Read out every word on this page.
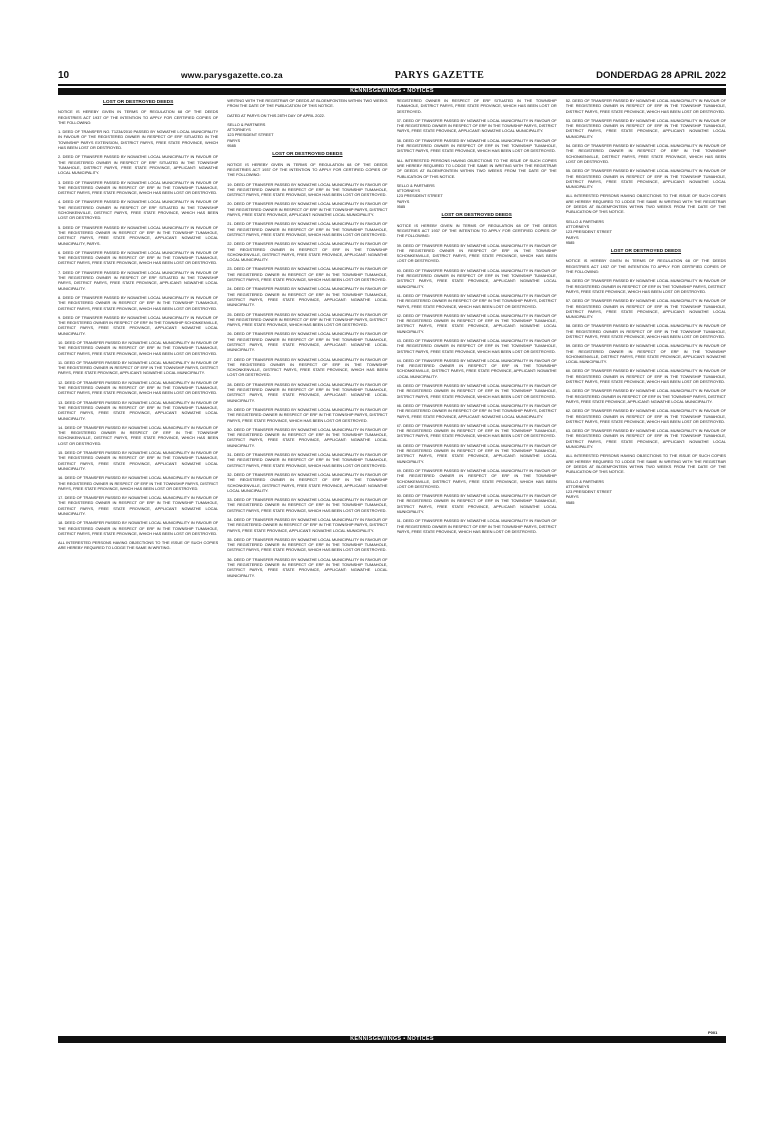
10	www.parysgazette.co.za	PARYS GAZETTE	DONDERDAG 28 APRIL 2022
KENNISGEWINGS • NOTICES
LOST OR DESTROYED DEEDS

NOTICE IS HEREBY GIVEN IN TERMS OF REGULATION 68 OF THE DEEDS REGISTRIES ACT 1937 OF THE INTENTION TO APPLY FOR CERTIFIED COPIES OF THE FOLLOWING:

1. DEED OF TRANSFER NO. T1234/2010 PASSED BY NGWATHE LOCAL MUNICIPALITY IN FAVOUR OF THE REGISTERED OWNER IN RESPECT OF ERF SITUATED IN THE TOWNSHIP PARYS EXTENSION, DISTRICT PARYS, FREE STATE PROVINCE, WHICH HAS BEEN LOST OR DESTROYED.

2. DEED OF TRANSFER PASSED BY NGWATHE LOCAL MUNICIPALITY IN FAVOUR OF THE REGISTERED OWNER IN RESPECT OF ERF SITUATED IN THE TOWNSHIP TUMAHOLE, DISTRICT PARYS, FREE STATE PROVINCE, APPLICANT: NGWATHE LOCAL MUNICIPALITY.

3. DEED OF TRANSFER PASSED BY NGWATHE LOCAL MUNICIPALITY IN FAVOUR OF THE REGISTERED OWNER IN RESPECT OF ERF IN THE TOWNSHIP TUMAHOLE, DISTRICT PARYS, FREE STATE PROVINCE, WHICH HAS BEEN LOST OR DESTROYED.

4. DEED OF TRANSFER PASSED BY NGWATHE LOCAL MUNICIPALITY IN FAVOUR OF THE REGISTERED OWNER IN RESPECT OF ERF SITUATED IN THE TOWNSHIP SCHONKENVILLE, DISTRICT PARYS, FREE STATE PROVINCE, WHICH HAS BEEN LOST OR DESTROYED.

5. DEED OF TRANSFER PASSED BY NGWATHE LOCAL MUNICIPALITY IN FAVOUR OF THE REGISTERED OWNER IN RESPECT OF ERF IN THE TOWNSHIP TUMAHOLE, DISTRICT PARYS, FREE STATE PROVINCE, APPLICANT: NGWATHE LOCAL MUNICIPALITY, PARYS.

6. DEED OF TRANSFER PASSED BY NGWATHE LOCAL MUNICIPALITY IN FAVOUR OF THE REGISTERED OWNER IN RESPECT OF ERF IN THE TOWNSHIP TUMAHOLE, DISTRICT PARYS, FREE STATE PROVINCE, WHICH HAS BEEN LOST OR DESTROYED.

7. DEED OF TRANSFER PASSED BY NGWATHE LOCAL MUNICIPALITY IN FAVOUR OF THE REGISTERED OWNER IN RESPECT OF ERF SITUATED IN THE TOWNSHIP PARYS, DISTRICT PARYS, FREE STATE PROVINCE, APPLICANT: NGWATHE LOCAL MUNICIPALITY.

8. DEED OF TRANSFER PASSED BY NGWATHE LOCAL MUNICIPALITY IN FAVOUR OF THE REGISTERED OWNER IN RESPECT OF ERF IN THE TOWNSHIP TUMAHOLE, DISTRICT PARYS, FREE STATE PROVINCE, WHICH HAS BEEN LOST OR DESTROYED.

9. DEED OF TRANSFER PASSED BY NGWATHE LOCAL MUNICIPALITY IN FAVOUR OF THE REGISTERED OWNER IN RESPECT OF ERF IN THE TOWNSHIP SCHONKENVILLE, DISTRICT PARYS, FREE STATE PROVINCE, APPLICANT: NGWATHE LOCAL MUNICIPALITY.

10. DEED OF TRANSFER PASSED BY NGWATHE LOCAL MUNICIPALITY IN FAVOUR OF THE REGISTERED OWNER IN RESPECT OF ERF IN THE TOWNSHIP TUMAHOLE, DISTRICT PARYS, FREE STATE PROVINCE, WHICH HAS BEEN LOST OR DESTROYED.

11. DEED OF TRANSFER PASSED BY NGWATHE LOCAL MUNICIPALITY IN FAVOUR OF THE REGISTERED OWNER IN RESPECT OF ERF IN THE TOWNSHIP PARYS, DISTRICT PARYS, FREE STATE PROVINCE, APPLICANT: NGWATHE LOCAL MUNICIPALITY.

12. DEED OF TRANSFER PASSED BY NGWATHE LOCAL MUNICIPALITY IN FAVOUR OF THE REGISTERED OWNER IN RESPECT OF ERF IN THE TOWNSHIP TUMAHOLE, DISTRICT PARYS, FREE STATE PROVINCE, WHICH HAS BEEN LOST OR DESTROYED.

13. DEED OF TRANSFER PASSED BY NGWATHE LOCAL MUNICIPALITY IN FAVOUR OF THE REGISTERED OWNER IN RESPECT OF ERF IN THE TOWNSHIP TUMAHOLE, DISTRICT PARYS, FREE STATE PROVINCE, APPLICANT: NGWATHE LOCAL MUNICIPALITY.

14. DEED OF TRANSFER PASSED BY NGWATHE LOCAL MUNICIPALITY IN FAVOUR OF THE REGISTERED OWNER IN RESPECT OF ERF IN THE TOWNSHIP SCHONKENVILLE, DISTRICT PARYS, FREE STATE PROVINCE, WHICH HAS BEEN LOST OR DESTROYED.

15. DEED OF TRANSFER PASSED BY NGWATHE LOCAL MUNICIPALITY IN FAVOUR OF THE REGISTERED OWNER IN RESPECT OF ERF IN THE TOWNSHIP TUMAHOLE, DISTRICT PARYS, FREE STATE PROVINCE, APPLICANT: NGWATHE LOCAL MUNICIPALITY.

16. DEED OF TRANSFER PASSED BY NGWATHE LOCAL MUNICIPALITY IN FAVOUR OF THE REGISTERED OWNER IN RESPECT OF ERF IN THE TOWNSHIP PARYS, DISTRICT PARYS, FREE STATE PROVINCE, WHICH HAS BEEN LOST OR DESTROYED.

17. DEED OF TRANSFER PASSED BY NGWATHE LOCAL MUNICIPALITY IN FAVOUR OF THE REGISTERED OWNER IN RESPECT OF ERF IN THE TOWNSHIP TUMAHOLE, DISTRICT PARYS, FREE STATE PROVINCE, APPLICANT: NGWATHE LOCAL MUNICIPALITY.

18. DEED OF TRANSFER PASSED BY NGWATHE LOCAL MUNICIPALITY IN FAVOUR OF THE REGISTERED OWNER IN RESPECT OF ERF IN THE TOWNSHIP TUMAHOLE, DISTRICT PARYS, FREE STATE PROVINCE, WHICH HAS BEEN LOST OR DESTROYED.

ALL INTERESTED PERSONS HAVING OBJECTIONS TO THE ISSUE OF SUCH COPIES ARE HEREBY REQUIRED TO LODGE THE SAME IN WRITING.

WRITING WITH THE REGISTRAR OF DEEDS AT BLOEMFONTEIN WITHIN TWO WEEKS FROM THE DATE OF THE PUBLICATION OF THIS NOTICE.

DATED AT PARYS ON THIS 28TH DAY OF APRIL 2022.

SELLO & PARTNERS
ATTORNEYS
123 PRESIDENT STREET
PARYS
9585
LOST OR DESTROYED DEEDS

NOTICE IS HEREBY GIVEN IN TERMS OF REGULATION 68 OF THE DEEDS REGISTRIES ACT 1937 OF THE INTENTION TO APPLY FOR CERTIFIED COPIES OF THE FOLLOWING:

19. DEED OF TRANSFER PASSED BY NGWATHE LOCAL MUNICIPALITY IN FAVOUR OF THE REGISTERED OWNER IN RESPECT OF ERF IN THE TOWNSHIP TUMAHOLE, DISTRICT PARYS, FREE STATE PROVINCE, WHICH HAS BEEN LOST OR DESTROYED.

20. DEED OF TRANSFER PASSED BY NGWATHE LOCAL MUNICIPALITY IN FAVOUR OF THE REGISTERED OWNER IN RESPECT OF ERF IN THE TOWNSHIP PARYS, DISTRICT PARYS, FREE STATE PROVINCE, APPLICANT: NGWATHE LOCAL MUNICIPALITY.

21. DEED OF TRANSFER PASSED BY NGWATHE LOCAL MUNICIPALITY IN FAVOUR OF THE REGISTERED OWNER IN RESPECT OF ERF IN THE TOWNSHIP TUMAHOLE, DISTRICT PARYS, FREE STATE PROVINCE, WHICH HAS BEEN LOST OR DESTROYED.

22. DEED OF TRANSFER PASSED BY NGWATHE LOCAL MUNICIPALITY IN FAVOUR OF THE REGISTERED OWNER IN RESPECT OF ERF IN THE TOWNSHIP SCHONKENVILLE, DISTRICT PARYS, FREE STATE PROVINCE, APPLICANT: NGWATHE LOCAL MUNICIPALITY.

23. DEED OF TRANSFER PASSED BY NGWATHE LOCAL MUNICIPALITY IN FAVOUR OF THE REGISTERED OWNER IN RESPECT OF ERF IN THE TOWNSHIP TUMAHOLE, DISTRICT PARYS, FREE STATE PROVINCE, WHICH HAS BEEN LOST OR DESTROYED.

24. DEED OF TRANSFER PASSED BY NGWATHE LOCAL MUNICIPALITY IN FAVOUR OF THE REGISTERED OWNER IN RESPECT OF ERF IN THE TOWNSHIP TUMAHOLE, DISTRICT PARYS, FREE STATE PROVINCE, APPLICANT: NGWATHE LOCAL MUNICIPALITY.

25. DEED OF TRANSFER PASSED BY NGWATHE LOCAL MUNICIPALITY IN FAVOUR OF THE REGISTERED OWNER IN RESPECT OF ERF IN THE TOWNSHIP PARYS, DISTRICT PARYS, FREE STATE PROVINCE, WHICH HAS BEEN LOST OR DESTROYED.

26. DEED OF TRANSFER PASSED BY NGWATHE LOCAL MUNICIPALITY IN FAVOUR OF THE REGISTERED OWNER IN RESPECT OF ERF IN THE TOWNSHIP TUMAHOLE, DISTRICT PARYS, FREE STATE PROVINCE, APPLICANT: NGWATHE LOCAL MUNICIPALITY.

27. DEED OF TRANSFER PASSED BY NGWATHE LOCAL MUNICIPALITY IN FAVOUR OF THE REGISTERED OWNER IN RESPECT OF ERF IN THE TOWNSHIP SCHONKENVILLE, DISTRICT PARYS, FREE STATE PROVINCE, WHICH HAS BEEN LOST OR DESTROYED.

28. DEED OF TRANSFER PASSED BY NGWATHE LOCAL MUNICIPALITY IN FAVOUR OF THE REGISTERED OWNER IN RESPECT OF ERF IN THE TOWNSHIP TUMAHOLE, DISTRICT PARYS, FREE STATE PROVINCE, APPLICANT: NGWATHE LOCAL MUNICIPALITY.

29. DEED OF TRANSFER PASSED BY NGWATHE LOCAL MUNICIPALITY IN FAVOUR OF THE REGISTERED OWNER IN RESPECT OF ERF IN THE TOWNSHIP PARYS, DISTRICT PARYS, FREE STATE PROVINCE, WHICH HAS BEEN LOST OR DESTROYED.

30. DEED OF TRANSFER PASSED BY NGWATHE LOCAL MUNICIPALITY IN FAVOUR OF THE REGISTERED OWNER IN RESPECT OF ERF IN THE TOWNSHIP TUMAHOLE, DISTRICT PARYS, FREE STATE PROVINCE, APPLICANT: NGWATHE LOCAL MUNICIPALITY.

31. DEED OF TRANSFER PASSED BY NGWATHE LOCAL MUNICIPALITY IN FAVOUR OF THE REGISTERED OWNER IN RESPECT OF ERF IN THE TOWNSHIP TUMAHOLE, DISTRICT PARYS, FREE STATE PROVINCE, WHICH HAS BEEN LOST OR DESTROYED.

32. DEED OF TRANSFER PASSED BY NGWATHE LOCAL MUNICIPALITY IN FAVOUR OF THE REGISTERED OWNER IN RESPECT OF ERF IN THE TOWNSHIP SCHONKENVILLE, DISTRICT PARYS, FREE STATE PROVINCE, APPLICANT: NGWATHE LOCAL MUNICIPALITY.

33. DEED OF TRANSFER PASSED BY NGWATHE LOCAL MUNICIPALITY IN FAVOUR OF THE REGISTERED OWNER IN RESPECT OF ERF IN THE TOWNSHIP TUMAHOLE, DISTRICT PARYS, FREE STATE PROVINCE, WHICH HAS BEEN LOST OR DESTROYED.

34. DEED OF TRANSFER PASSED BY NGWATHE LOCAL MUNICIPALITY IN FAVOUR OF THE REGISTERED OWNER IN RESPECT OF ERF IN THE TOWNSHIP PARYS, DISTRICT PARYS, FREE STATE PROVINCE, APPLICANT: NGWATHE LOCAL MUNICIPALITY.

35. DEED OF TRANSFER PASSED BY NGWATHE LOCAL MUNICIPALITY IN FAVOUR OF THE REGISTERED OWNER IN RESPECT OF ERF IN THE TOWNSHIP TUMAHOLE, DISTRICT PARYS, FREE STATE PROVINCE, WHICH HAS BEEN LOST OR DESTROYED.

36. DEED OF TRANSFER PASSED BY NGWATHE LOCAL MUNICIPALITY IN FAVOUR OF THE REGISTERED OWNER IN RESPECT OF ERF IN THE TOWNSHIP TUMAHOLE, DISTRICT PARYS, FREE STATE PROVINCE, APPLICANT: NGWATHE LOCAL MUNICIPALITY.

REGISTERED OWNER IN RESPECT OF ERF SITUATED IN THE TOWNSHIP TUMAHOLE, DISTRICT PARYS, FREE STATE PROVINCE, WHICH HAS BEEN LOST OR DESTROYED.

37. DEED OF TRANSFER PASSED BY NGWATHE LOCAL MUNICIPALITY IN FAVOUR OF THE REGISTERED OWNER IN RESPECT OF ERF IN THE TOWNSHIP PARYS, DISTRICT PARYS, FREE STATE PROVINCE, APPLICANT: NGWATHE LOCAL MUNICIPALITY.

38. DEED OF TRANSFER PASSED BY NGWATHE LOCAL MUNICIPALITY IN FAVOUR OF THE REGISTERED OWNER IN RESPECT OF ERF IN THE TOWNSHIP TUMAHOLE, DISTRICT PARYS, FREE STATE PROVINCE, WHICH HAS BEEN LOST OR DESTROYED.

ALL INTERESTED PERSONS HAVING OBJECTIONS TO THE ISSUE OF SUCH COPIES ARE HEREBY REQUIRED TO LODGE THE SAME IN WRITING WITH THE REGISTRAR OF DEEDS AT BLOEMFONTEIN WITHIN TWO WEEKS FROM THE DATE OF THE PUBLICATION OF THIS NOTICE.

SELLO & PARTNERS
ATTORNEYS
123 PRESIDENT STREET
PARYS
9585
LOST OR DESTROYED DEEDS

NOTICE IS HEREBY GIVEN IN TERMS OF REGULATION 68 OF THE DEEDS REGISTRIES ACT 1937 OF THE INTENTION TO APPLY FOR CERTIFIED COPIES OF THE FOLLOWING:

39. DEED OF TRANSFER PASSED BY NGWATHE LOCAL MUNICIPALITY IN FAVOUR OF THE REGISTERED OWNER IN RESPECT OF ERF IN THE TOWNSHIP SCHONKENVILLE, DISTRICT PARYS, FREE STATE PROVINCE, WHICH HAS BEEN LOST OR DESTROYED.

40. DEED OF TRANSFER PASSED BY NGWATHE LOCAL MUNICIPALITY IN FAVOUR OF THE REGISTERED OWNER IN RESPECT OF ERF IN THE TOWNSHIP TUMAHOLE, DISTRICT PARYS, FREE STATE PROVINCE, APPLICANT: NGWATHE LOCAL MUNICIPALITY.

41. DEED OF TRANSFER PASSED BY NGWATHE LOCAL MUNICIPALITY IN FAVOUR OF THE REGISTERED OWNER IN RESPECT OF ERF IN THE TOWNSHIP PARYS, DISTRICT PARYS, FREE STATE PROVINCE, WHICH HAS BEEN LOST OR DESTROYED.

42. DEED OF TRANSFER PASSED BY NGWATHE LOCAL MUNICIPALITY IN FAVOUR OF THE REGISTERED OWNER IN RESPECT OF ERF IN THE TOWNSHIP TUMAHOLE, DISTRICT PARYS, FREE STATE PROVINCE, APPLICANT: NGWATHE LOCAL MUNICIPALITY.

43. DEED OF TRANSFER PASSED BY NGWATHE LOCAL MUNICIPALITY IN FAVOUR OF THE REGISTERED OWNER IN RESPECT OF ERF IN THE TOWNSHIP TUMAHOLE, DISTRICT PARYS, FREE STATE PROVINCE, WHICH HAS BEEN LOST OR DESTROYED.

44. DEED OF TRANSFER PASSED BY NGWATHE LOCAL MUNICIPALITY IN FAVOUR OF THE REGISTERED OWNER IN RESPECT OF ERF IN THE TOWNSHIP SCHONKENVILLE, DISTRICT PARYS, FREE STATE PROVINCE, APPLICANT: NGWATHE LOCAL MUNICIPALITY.

45. DEED OF TRANSFER PASSED BY NGWATHE LOCAL MUNICIPALITY IN FAVOUR OF THE REGISTERED OWNER IN RESPECT OF ERF IN THE TOWNSHIP TUMAHOLE, DISTRICT PARYS, FREE STATE PROVINCE, WHICH HAS BEEN LOST OR DESTROYED.

46. DEED OF TRANSFER PASSED BY NGWATHE LOCAL MUNICIPALITY IN FAVOUR OF THE REGISTERED OWNER IN RESPECT OF ERF IN THE TOWNSHIP PARYS, DISTRICT PARYS, FREE STATE PROVINCE, APPLICANT: NGWATHE LOCAL MUNICIPALITY.

47. DEED OF TRANSFER PASSED BY NGWATHE LOCAL MUNICIPALITY IN FAVOUR OF THE REGISTERED OWNER IN RESPECT OF ERF IN THE TOWNSHIP TUMAHOLE, DISTRICT PARYS, FREE STATE PROVINCE, WHICH HAS BEEN LOST OR DESTROYED.

48. DEED OF TRANSFER PASSED BY NGWATHE LOCAL MUNICIPALITY IN FAVOUR OF THE REGISTERED OWNER IN RESPECT OF ERF IN THE TOWNSHIP TUMAHOLE, DISTRICT PARYS, FREE STATE PROVINCE, APPLICANT: NGWATHE LOCAL MUNICIPALITY.

49. DEED OF TRANSFER PASSED BY NGWATHE LOCAL MUNICIPALITY IN FAVOUR OF THE REGISTERED OWNER IN RESPECT OF ERF IN THE TOWNSHIP SCHONKENVILLE, DISTRICT PARYS, FREE STATE PROVINCE, WHICH HAS BEEN LOST OR DESTROYED.

50. DEED OF TRANSFER PASSED BY NGWATHE LOCAL MUNICIPALITY IN FAVOUR OF THE REGISTERED OWNER IN RESPECT OF ERF IN THE TOWNSHIP TUMAHOLE, DISTRICT PARYS, FREE STATE PROVINCE, APPLICANT: NGWATHE LOCAL MUNICIPALITY.

51. DEED OF TRANSFER PASSED BY NGWATHE LOCAL MUNICIPALITY IN FAVOUR OF THE REGISTERED OWNER IN RESPECT OF ERF IN THE TOWNSHIP PARYS, DISTRICT PARYS, FREE STATE PROVINCE, WHICH HAS BEEN LOST OR DESTROYED.

52. DEED OF TRANSFER PASSED BY NGWATHE LOCAL MUNICIPALITY IN FAVOUR OF THE REGISTERED OWNER IN RESPECT OF ERF IN THE TOWNSHIP TUMAHOLE, DISTRICT PARYS, FREE STATE PROVINCE, WHICH HAS BEEN LOST OR DESTROYED.

53. DEED OF TRANSFER PASSED BY NGWATHE LOCAL MUNICIPALITY IN FAVOUR OF THE REGISTERED OWNER IN RESPECT OF ERF IN THE TOWNSHIP TUMAHOLE, DISTRICT PARYS, FREE STATE PROVINCE, APPLICANT: NGWATHE LOCAL MUNICIPALITY.

54. DEED OF TRANSFER PASSED BY NGWATHE LOCAL MUNICIPALITY IN FAVOUR OF THE REGISTERED OWNER IN RESPECT OF ERF IN THE TOWNSHIP SCHONKENVILLE, DISTRICT PARYS, FREE STATE PROVINCE, WHICH HAS BEEN LOST OR DESTROYED.

55. DEED OF TRANSFER PASSED BY NGWATHE LOCAL MUNICIPALITY IN FAVOUR OF THE REGISTERED OWNER IN RESPECT OF ERF IN THE TOWNSHIP TUMAHOLE, DISTRICT PARYS, FREE STATE PROVINCE, APPLICANT: NGWATHE LOCAL MUNICIPALITY.

ALL INTERESTED PERSONS HAVING OBJECTIONS TO THE ISSUE OF SUCH COPIES ARE HEREBY REQUIRED TO LODGE THE SAME IN WRITING WITH THE REGISTRAR OF DEEDS AT BLOEMFONTEIN WITHIN TWO WEEKS FROM THE DATE OF THE PUBLICATION OF THIS NOTICE.

SELLO & PARTNERS
ATTORNEYS
123 PRESIDENT STREET
PARYS
9585
LOST OR DESTROYED DEEDS

NOTICE IS HEREBY GIVEN IN TERMS OF REGULATION 68 OF THE DEEDS REGISTRIES ACT 1937 OF THE INTENTION TO APPLY FOR CERTIFIED COPIES OF THE FOLLOWING:

56. DEED OF TRANSFER PASSED BY NGWATHE LOCAL MUNICIPALITY IN FAVOUR OF THE REGISTERED OWNER IN RESPECT OF ERF IN THE TOWNSHIP PARYS, DISTRICT PARYS, FREE STATE PROVINCE, WHICH HAS BEEN LOST OR DESTROYED.

57. DEED OF TRANSFER PASSED BY NGWATHE LOCAL MUNICIPALITY IN FAVOUR OF THE REGISTERED OWNER IN RESPECT OF ERF IN THE TOWNSHIP TUMAHOLE, DISTRICT PARYS, FREE STATE PROVINCE, APPLICANT: NGWATHE LOCAL MUNICIPALITY.

58. DEED OF TRANSFER PASSED BY NGWATHE LOCAL MUNICIPALITY IN FAVOUR OF THE REGISTERED OWNER IN RESPECT OF ERF IN THE TOWNSHIP TUMAHOLE, DISTRICT PARYS, FREE STATE PROVINCE, WHICH HAS BEEN LOST OR DESTROYED.

59. DEED OF TRANSFER PASSED BY NGWATHE LOCAL MUNICIPALITY IN FAVOUR OF THE REGISTERED OWNER IN RESPECT OF ERF IN THE TOWNSHIP SCHONKENVILLE, DISTRICT PARYS, FREE STATE PROVINCE, APPLICANT: NGWATHE LOCAL MUNICIPALITY.

60. DEED OF TRANSFER PASSED BY NGWATHE LOCAL MUNICIPALITY IN FAVOUR OF THE REGISTERED OWNER IN RESPECT OF ERF IN THE TOWNSHIP TUMAHOLE, DISTRICT PARYS, FREE STATE PROVINCE, WHICH HAS BEEN LOST OR DESTROYED.

61. DEED OF TRANSFER PASSED BY NGWATHE LOCAL MUNICIPALITY IN FAVOUR OF THE REGISTERED OWNER IN RESPECT OF ERF IN THE TOWNSHIP PARYS, DISTRICT PARYS, FREE STATE PROVINCE, APPLICANT: NGWATHE LOCAL MUNICIPALITY.

62. DEED OF TRANSFER PASSED BY NGWATHE LOCAL MUNICIPALITY IN FAVOUR OF THE REGISTERED OWNER IN RESPECT OF ERF IN THE TOWNSHIP TUMAHOLE, DISTRICT PARYS, FREE STATE PROVINCE, WHICH HAS BEEN LOST OR DESTROYED.

63. DEED OF TRANSFER PASSED BY NGWATHE LOCAL MUNICIPALITY IN FAVOUR OF THE REGISTERED OWNER IN RESPECT OF ERF IN THE TOWNSHIP TUMAHOLE, DISTRICT PARYS, FREE STATE PROVINCE, APPLICANT: NGWATHE LOCAL MUNICIPALITY.

ALL INTERESTED PERSONS HAVING OBJECTIONS TO THE ISSUE OF SUCH COPIES ARE HEREBY REQUIRED TO LODGE THE SAME IN WRITING WITH THE REGISTRAR OF DEEDS AT BLOEMFONTEIN WITHIN TWO WEEKS FROM THE DATE OF THE PUBLICATION OF THIS NOTICE.

SELLO & PARTNERS
ATTORNEYS
123 PRESIDENT STREET
PARYS
9585
KENNISGEWINGS • NOTICES
P001
